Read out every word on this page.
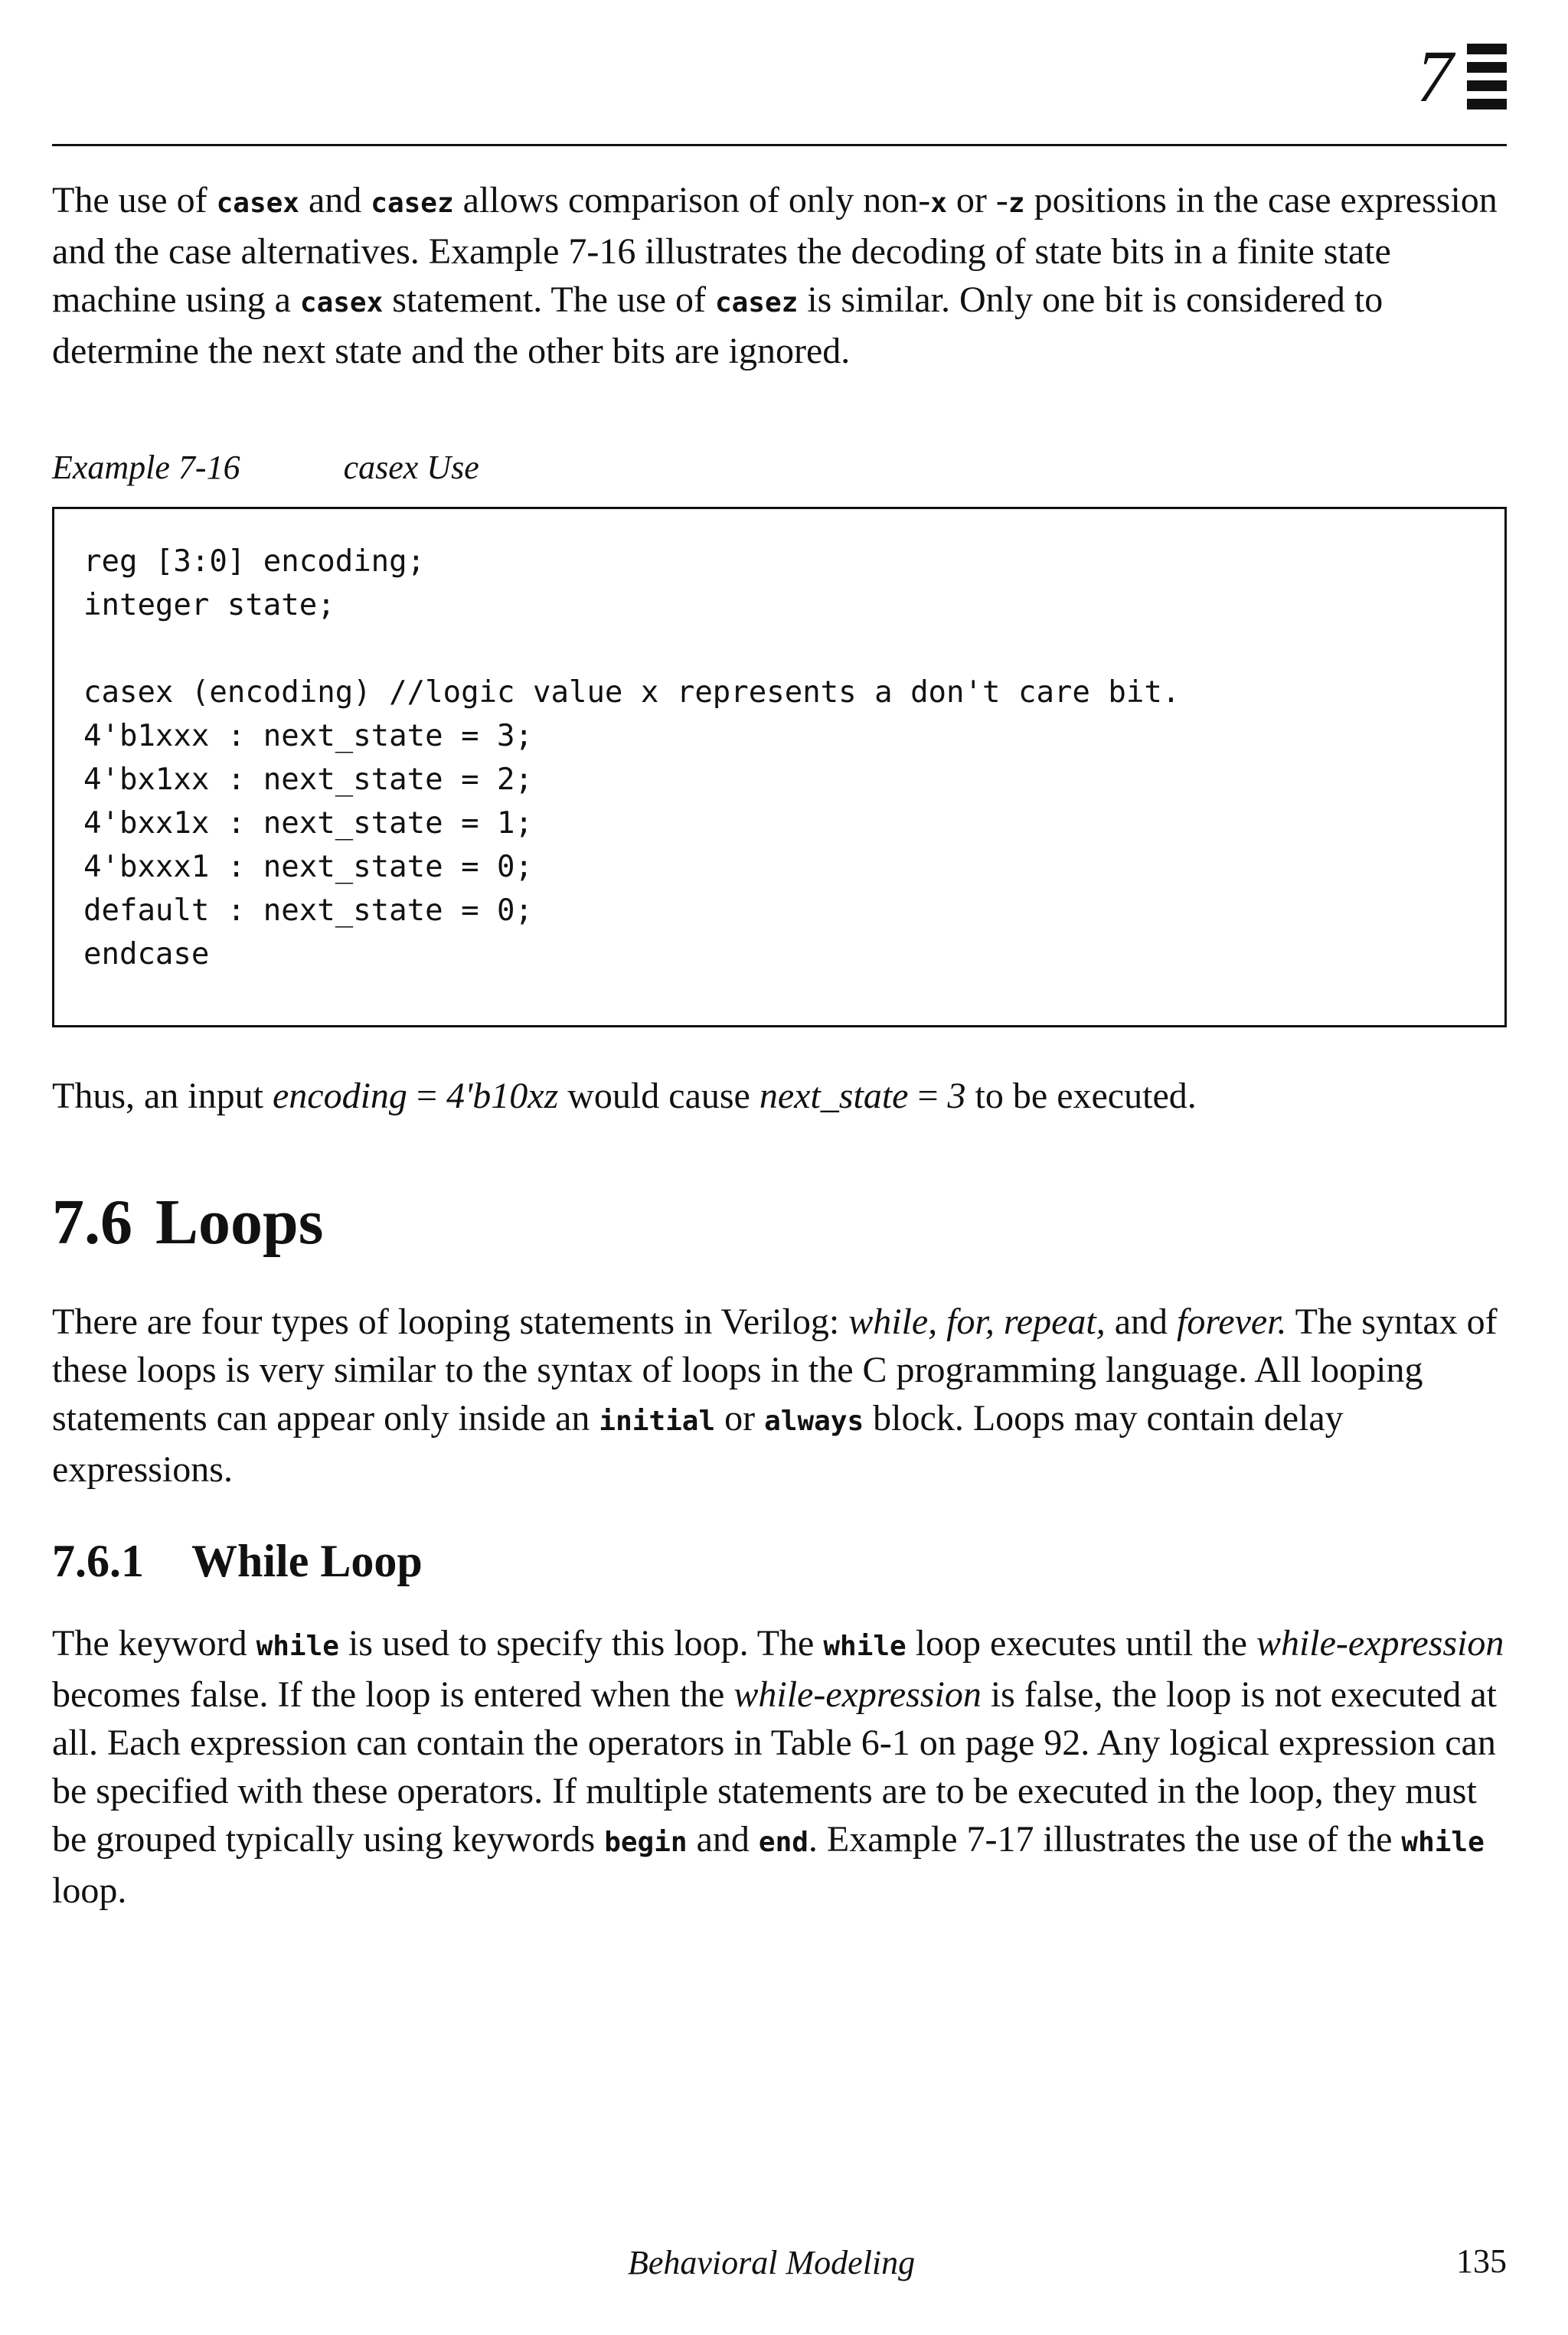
7

The use of casex and casez allows comparison of only non-x or -z positions in the case expression and the case alternatives. Example 7-16 illustrates the decoding of state bits in a finite state machine using a casex statement. The use of casez is similar. Only one bit is considered to determine the next state and the other bits are ignored.

Example 7-16	casex Use
reg [3:0] encoding;
integer state;

casex (encoding) //logic value x represents a don't care bit.
4'b1xxx : next_state = 3;
4'bx1xx : next_state = 2;
4'bxx1x : next_state = 1;
4'bxxx1 : next_state = 0;
default : next_state = 0;
endcase

Thus, an input encoding = 4'b10xz would cause next_state = 3 to be executed.

7.6 Loops

There are four types of looping statements in Verilog: while, for, repeat, and forever. The syntax of these loops is very similar to the syntax of loops in the C programming language. All looping statements can appear only inside an initial or always block. Loops may contain delay expressions.

7.6.1 While Loop

The keyword while is used to specify this loop. The while loop executes until the while-expression becomes false. If the loop is entered when the while-expression is false, the loop is not executed at all. Each expression can contain the operators in Table 6-1 on page 92. Any logical expression can be specified with these operators. If multiple statements are to be executed in the loop, they must be grouped typically using keywords begin and end. Example 7-17 illustrates the use of the while loop.

Behavioral Modeling	135
